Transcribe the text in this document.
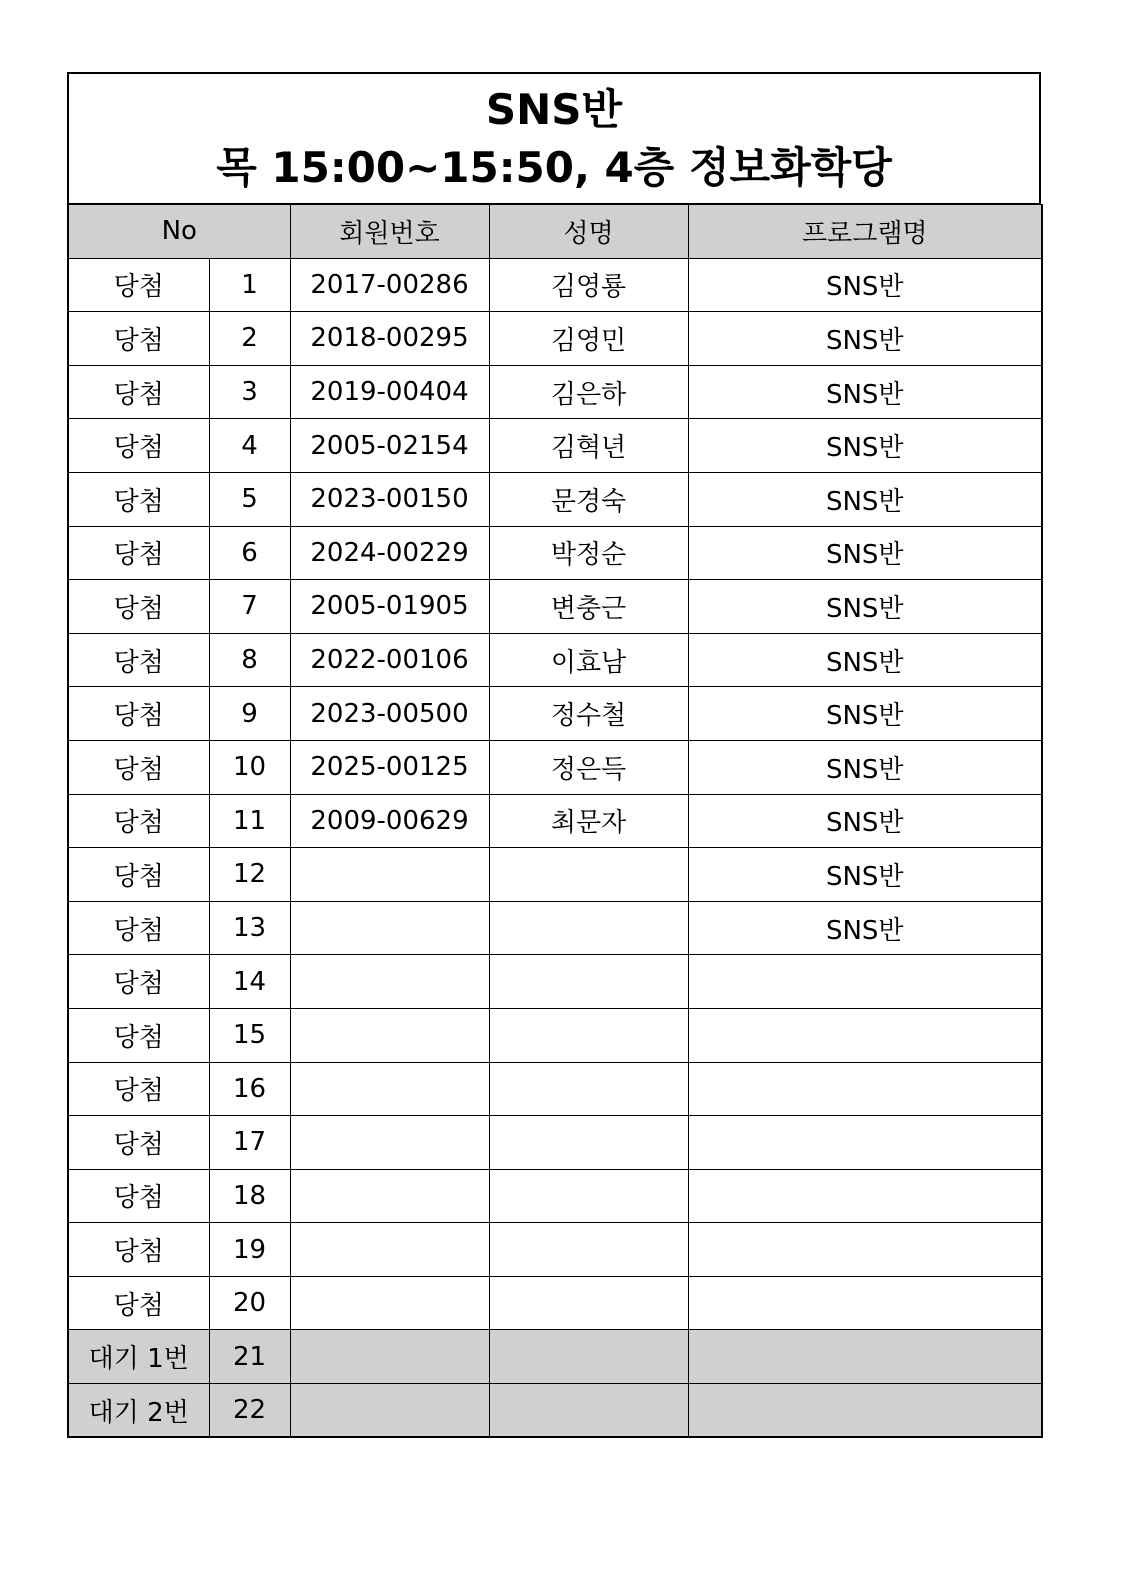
SNS반
목 15:00~15:50, 4층 정보화학당
No		회원번호	성명	프로그램명
당첨	1	2017-00286	김영룡	SNS반
당첨	2	2018-00295	김영민	SNS반
당첨	3	2019-00404	김은하	SNS반
당첨	4	2005-02154	김혁년	SNS반
당첨	5	2023-00150	문경숙	SNS반
당첨	6	2024-00229	박정순	SNS반
당첨	7	2005-01905	변충근	SNS반
당첨	8	2022-00106	이효남	SNS반
당첨	9	2023-00500	정수철	SNS반
당첨	10	2025-00125	정은득	SNS반
당첨	11	2009-00629	최문자	SNS반
당첨	12			SNS반
당첨	13			SNS반
당첨	14			
당첨	15			
당첨	16			
당첨	17			
당첨	18			
당첨	19			
당첨	20			
대기 1번	21			
대기 2번	22			
